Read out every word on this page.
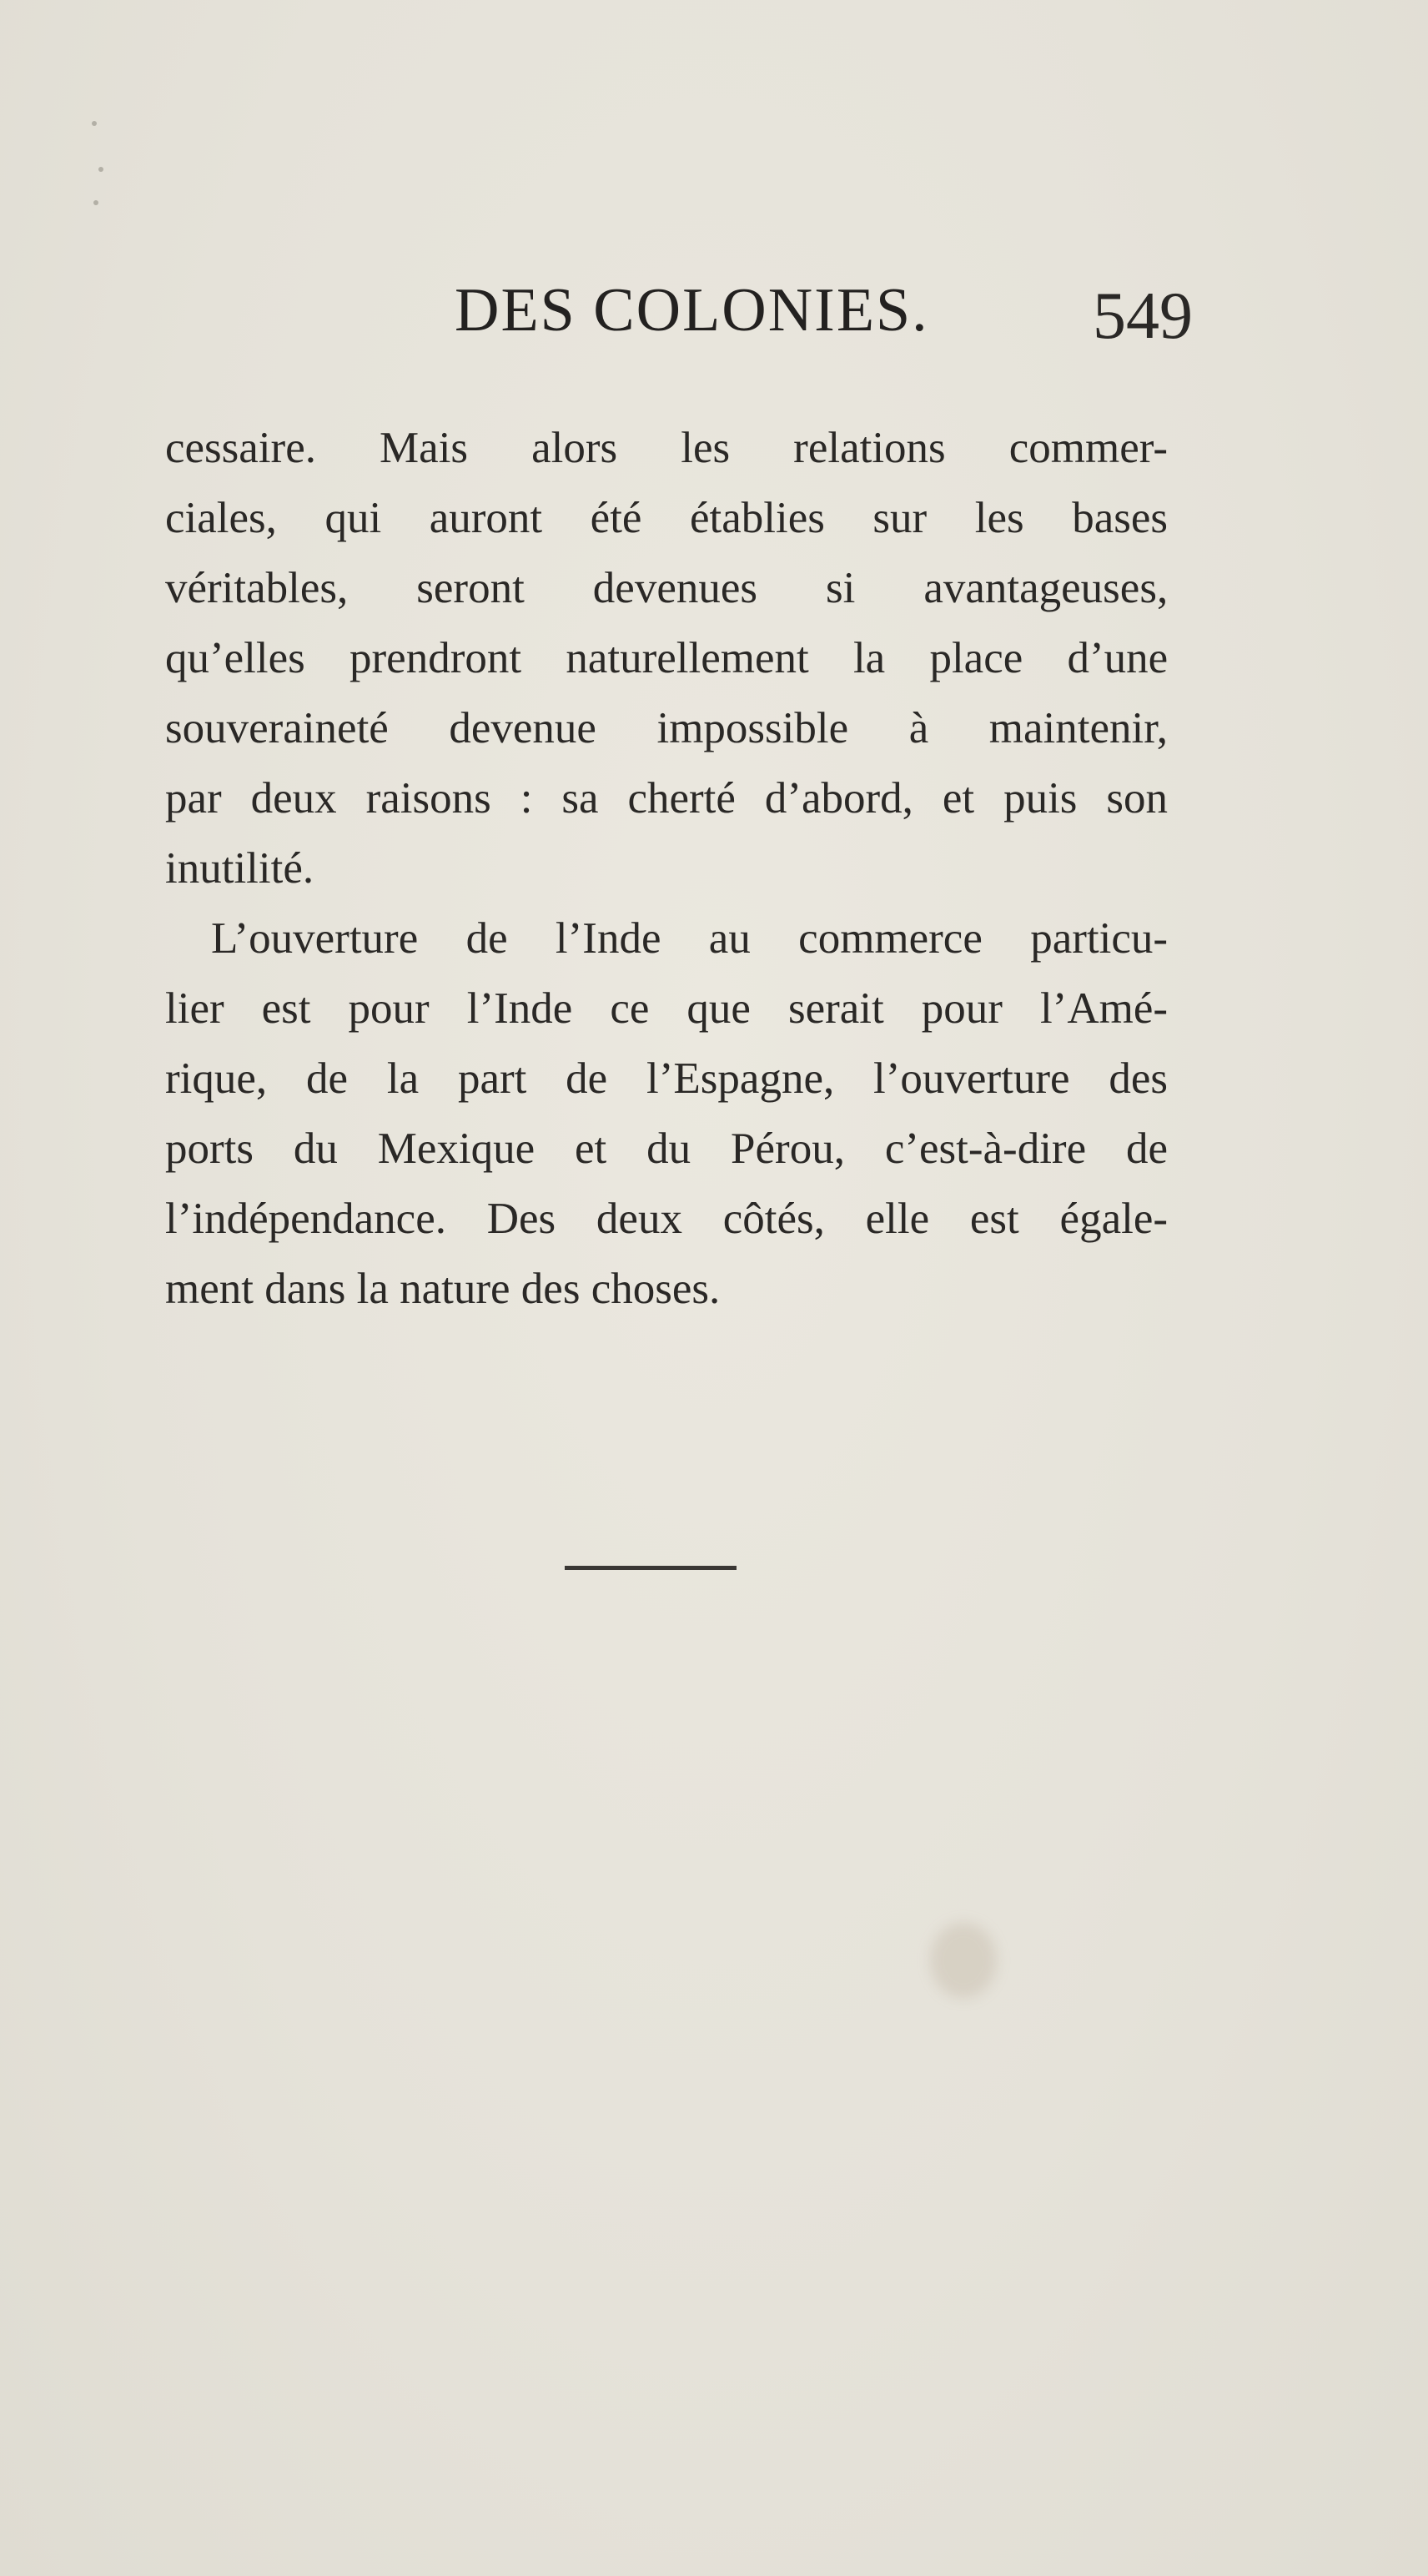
DES COLONIES. 549

cessaire. Mais alors les relations commer-
ciales, qui auront été établies sur les bases
véritables, seront devenues si avantageuses,
qu’elles prendront naturellement la place d’une
souveraineté devenue impossible à maintenir,
par deux raisons : sa cherté d’abord, et puis son
inutilité.

L’ouverture de l’Inde au commerce particu-
lier est pour l’Inde ce que serait pour l’Amé-
rique, de la part de l’Espagne, l’ouverture des
ports du Mexique et du Pérou, c’est-à-dire de
l’indépendance. Des deux côtés, elle est égale-
ment dans la nature des choses.
